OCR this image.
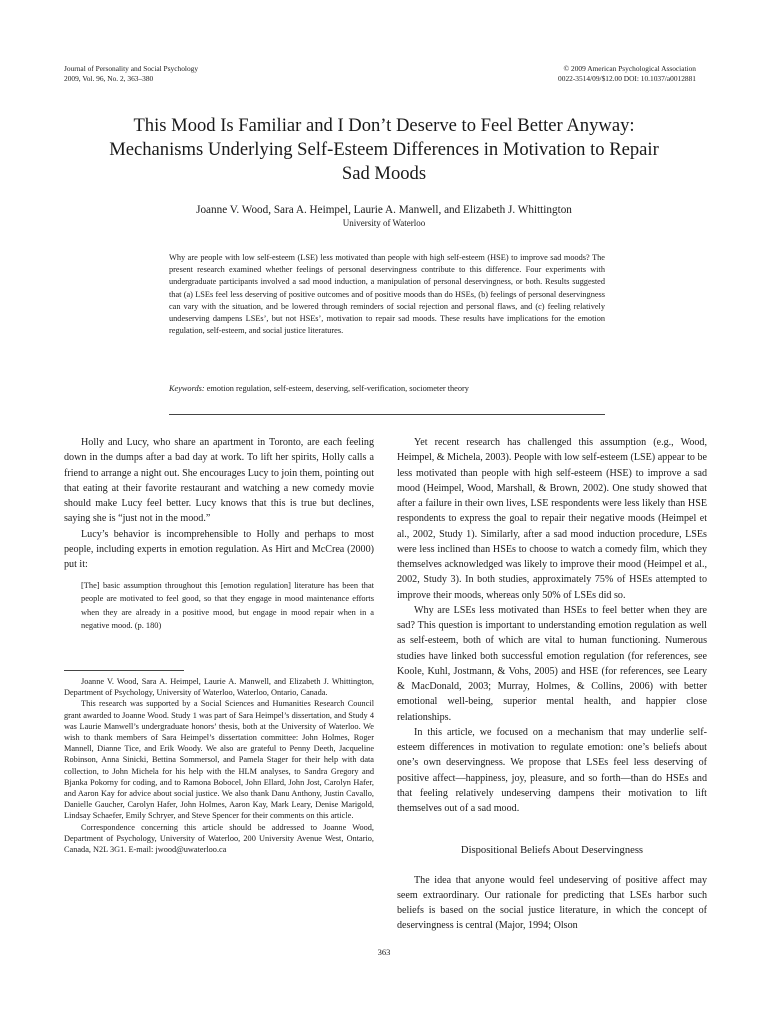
Journal of Personality and Social Psychology
2009, Vol. 96, No. 2, 363–380
© 2009 American Psychological Association
0022-3514/09/$12.00 DOI: 10.1037/a0012881
This Mood Is Familiar and I Don’t Deserve to Feel Better Anyway:
Mechanisms Underlying Self-Esteem Differences in Motivation to Repair
Sad Moods
Joanne V. Wood, Sara A. Heimpel, Laurie A. Manwell, and Elizabeth J. Whittington
University of Waterloo
Why are people with low self-esteem (LSE) less motivated than people with high self-esteem (HSE) to improve sad moods? The present research examined whether feelings of personal deservingness contribute to this difference. Four experiments with undergraduate participants involved a sad mood induction, a manipulation of personal deservingness, or both. Results suggested that (a) LSEs feel less deserving of positive outcomes and of positive moods than do HSEs, (b) feelings of personal deservingness can vary with the situation, and be lowered through reminders of social rejection and personal flaws, and (c) feeling relatively undeserving dampens LSEs’, but not HSEs’, motivation to repair sad moods. These results have implications for the emotion regulation, self-esteem, and social justice literatures.
Keywords: emotion regulation, self-esteem, deserving, self-verification, sociometer theory

Holly and Lucy, who share an apartment in Toronto, are each feeling down in the dumps after a bad day at work. To lift her spirits, Holly calls a friend to arrange a night out. She encourages Lucy to join them, pointing out that eating at their favorite restaurant and watching a new comedy movie should make Lucy feel better. Lucy knows that this is true but declines, saying she is “just not in the mood.”

Lucy’s behavior is incomprehensible to Holly and perhaps to most people, including experts in emotion regulation. As Hirt and McCrea (2000) put it:

[The] basic assumption throughout this [emotion regulation] literature has been that people are motivated to feel good, so that they engage in mood maintenance efforts when they are already in a positive mood, but engage in mood repair when in a negative mood. (p. 180)

Joanne V. Wood, Sara A. Heimpel, Laurie A. Manwell, and Elizabeth J. Whittington, Department of Psychology, University of Waterloo, Waterloo, Ontario, Canada.

This research was supported by a Social Sciences and Humanities Research Council grant awarded to Joanne Wood. Study 1 was part of Sara Heimpel’s dissertation, and Study 4 was Laurie Manwell’s undergraduate honors’ thesis, both at the University of Waterloo. We wish to thank members of Sara Heimpel’s dissertation committee: John Holmes, Roger Mannell, Dianne Tice, and Erik Woody. We also are grateful to Penny Deeth, Jacqueline Robinson, Anna Sinicki, Bettina Sommersol, and Pamela Stager for their help with data collection, to John Michela for his help with the HLM analyses, to Sandra Gregory and Bjanka Pokorny for coding, and to Ramona Bobocel, John Ellard, John Jost, Carolyn Hafer, and Aaron Kay for advice about social justice. We also thank Danu Anthony, Justin Cavallo, Danielle Gaucher, Carolyn Hafer, John Holmes, Aaron Kay, Mark Leary, Denise Marigold, Lindsay Schaefer, Emily Schryer, and Steve Spencer for their comments on this article.

Correspondence concerning this article should be addressed to Joanne Wood, Department of Psychology, University of Waterloo, 200 University Avenue West, Ontario, Canada, N2L 3G1. E-mail: jwood@uwaterloo.ca

Yet recent research has challenged this assumption (e.g., Wood, Heimpel, & Michela, 2003). People with low self-esteem (LSE) appear to be less motivated than people with high self-esteem (HSE) to improve a sad mood (Heimpel, Wood, Marshall, & Brown, 2002). One study showed that after a failure in their own lives, LSE respondents were less likely than HSE respondents to express the goal to repair their negative moods (Heimpel et al., 2002, Study 1). Similarly, after a sad mood induction procedure, LSEs were less inclined than HSEs to choose to watch a comedy film, which they themselves acknowledged was likely to improve their mood (Heimpel et al., 2002, Study 3). In both studies, approximately 75% of HSEs attempted to improve their moods, whereas only 50% of LSEs did so.

Why are LSEs less motivated than HSEs to feel better when they are sad? This question is important to understanding emotion regulation as well as self-esteem, both of which are vital to human functioning. Numerous studies have linked both successful emotion regulation (for references, see Koole, Kuhl, Jostmann, & Vohs, 2005) and HSE (for references, see Leary & MacDonald, 2003; Murray, Holmes, & Collins, 2006) with better emotional well-being, superior mental health, and happier close relationships.

In this article, we focused on a mechanism that may underlie self-esteem differences in motivation to regulate emotion: one’s beliefs about one’s own deservingness. We propose that LSEs feel less deserving of positive affect—happiness, joy, pleasure, and so forth—than do HSEs and that feeling relatively undeserving dampens their motivation to lift themselves out of a sad mood.

Dispositional Beliefs About Deservingness

The idea that anyone would feel undeserving of positive affect may seem extraordinary. Our rationale for predicting that LSEs harbor such beliefs is based on the social justice literature, in which the concept of deservingness is central (Major, 1994; Olson

363
